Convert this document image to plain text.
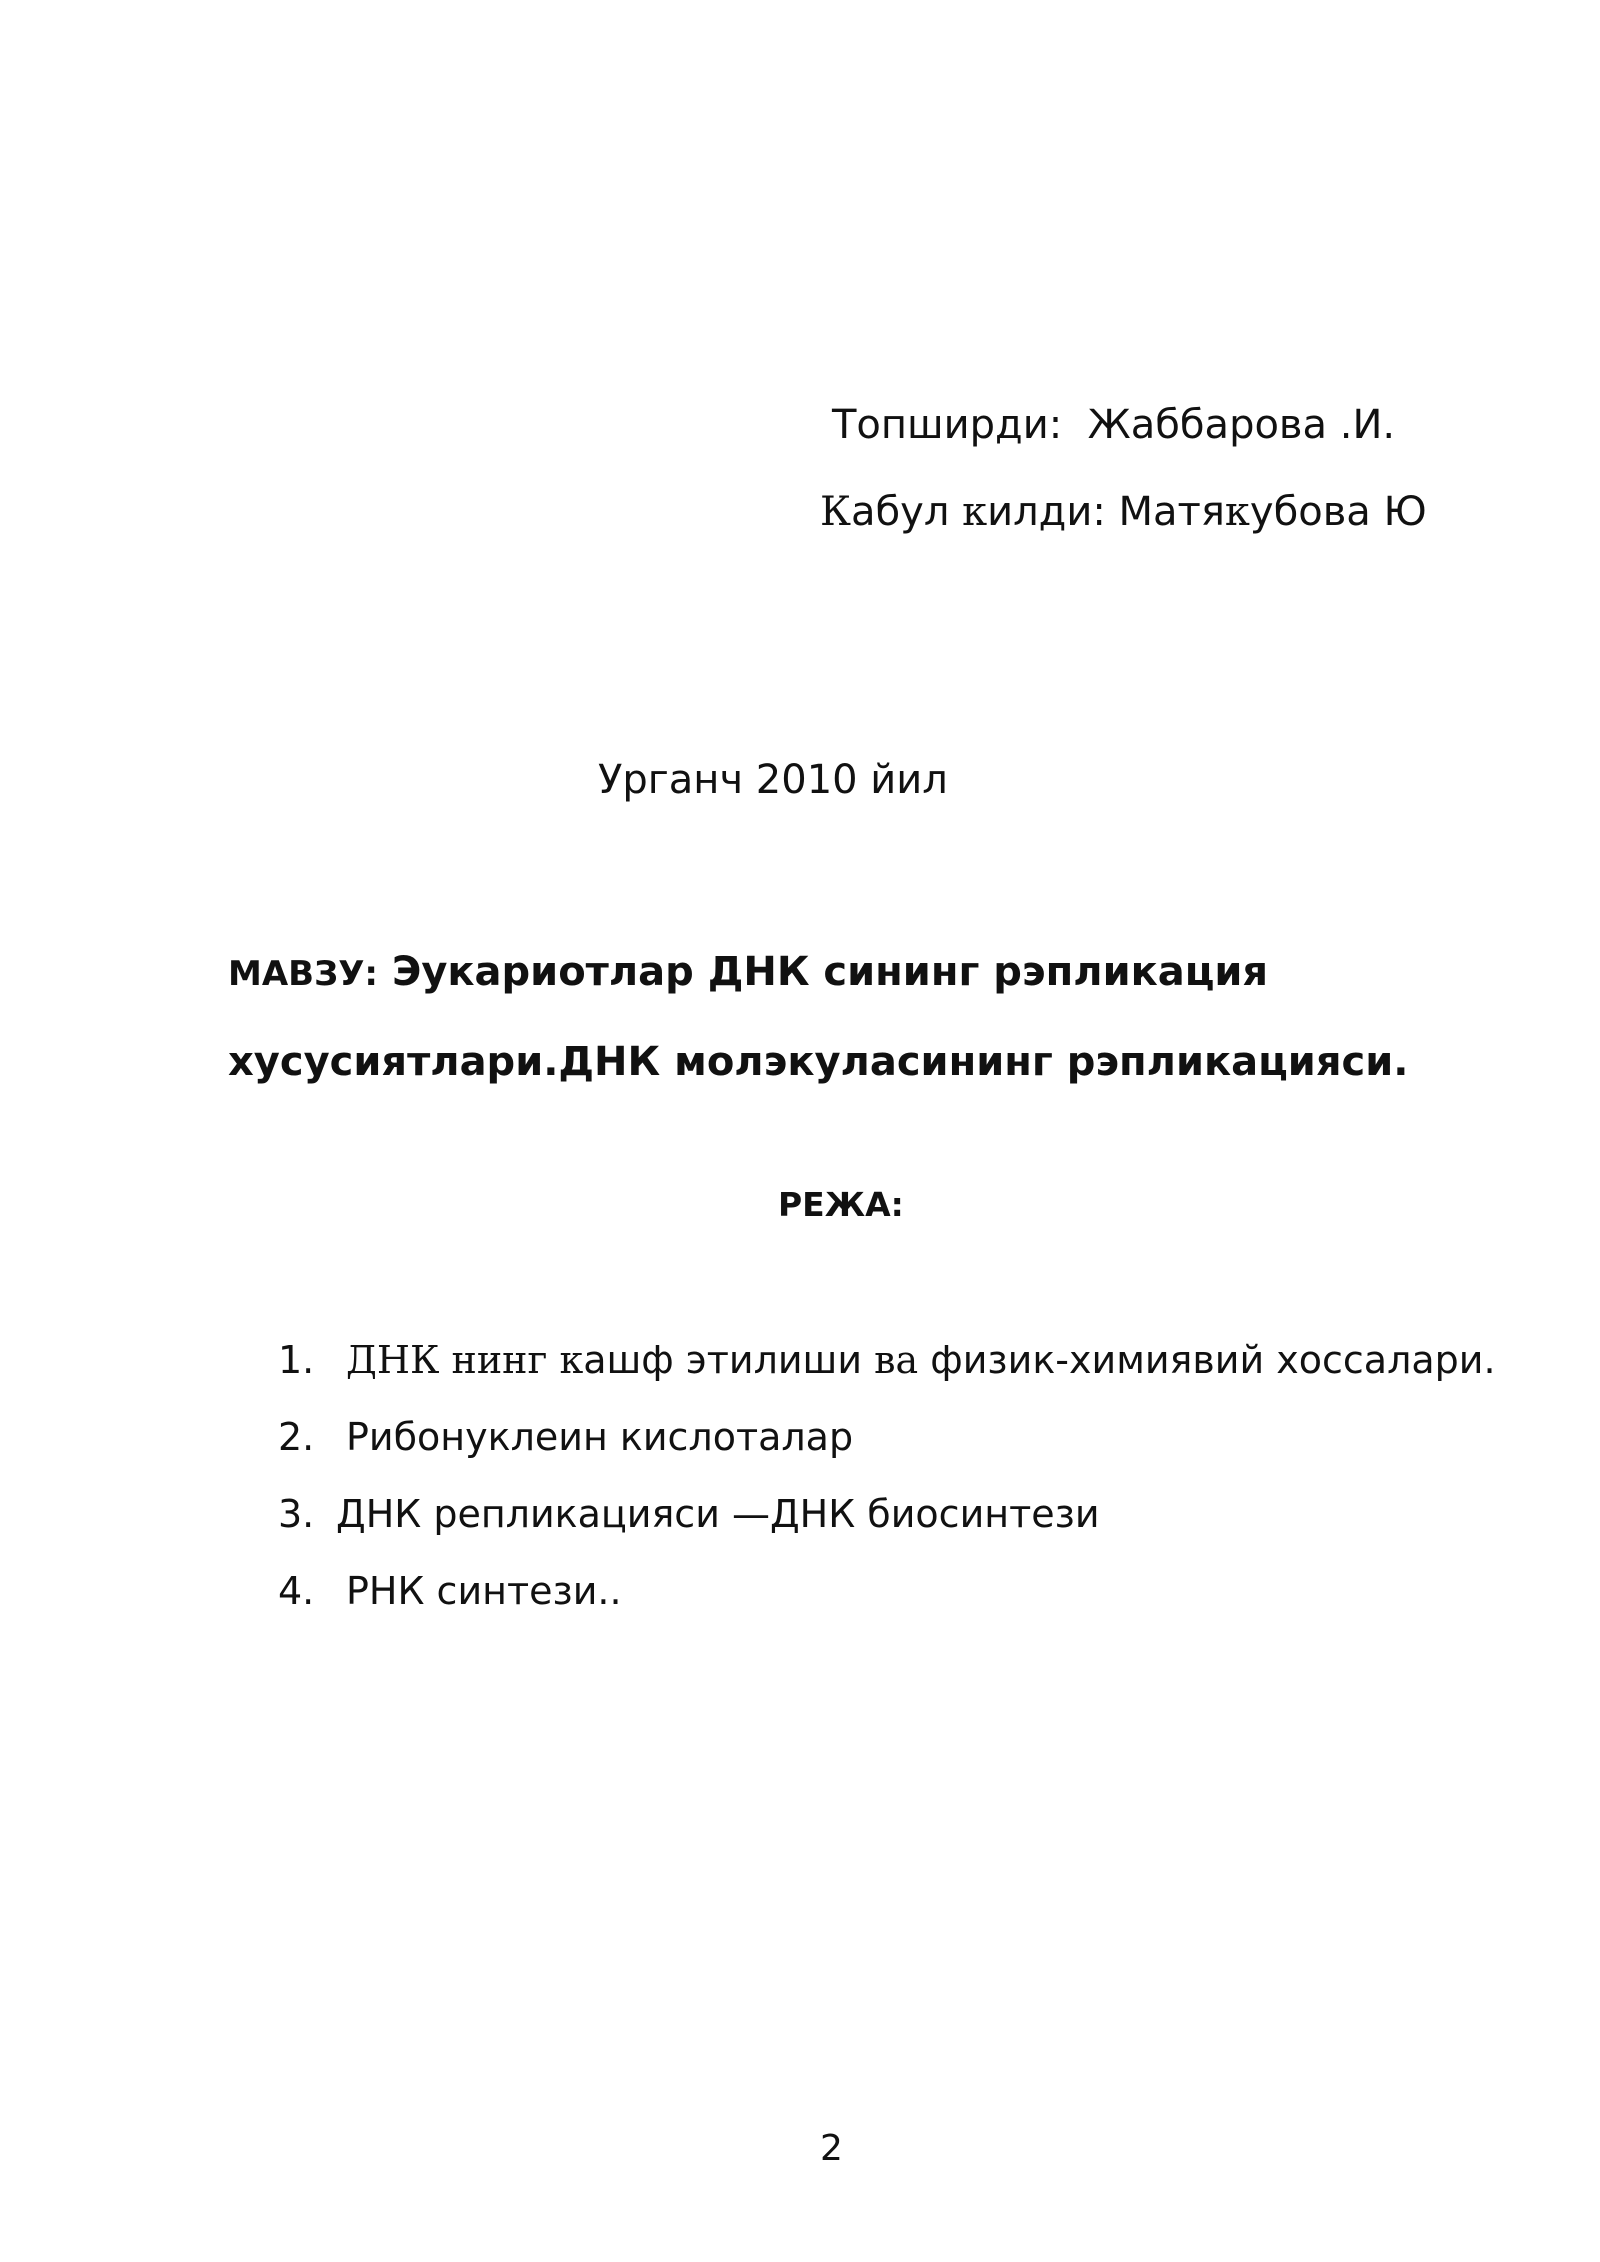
Топширди: Жаббарова .И.
Кабул килди: Матякубова Ю
Урганч 2010 йил
МАВЗУ: Эукариотлар ДНК сининг рэпликация хусусиятлари.ДНК молэкуласининг рэпликацияси.
РЕЖА:
1. ДНК нинг кашф этилиши ва физик-химиявий хоссалари.
2. Рибонуклеин кислоталар
3. ДНК репликацияси —ДНК биосинтези
4. РНК синтези..
2
